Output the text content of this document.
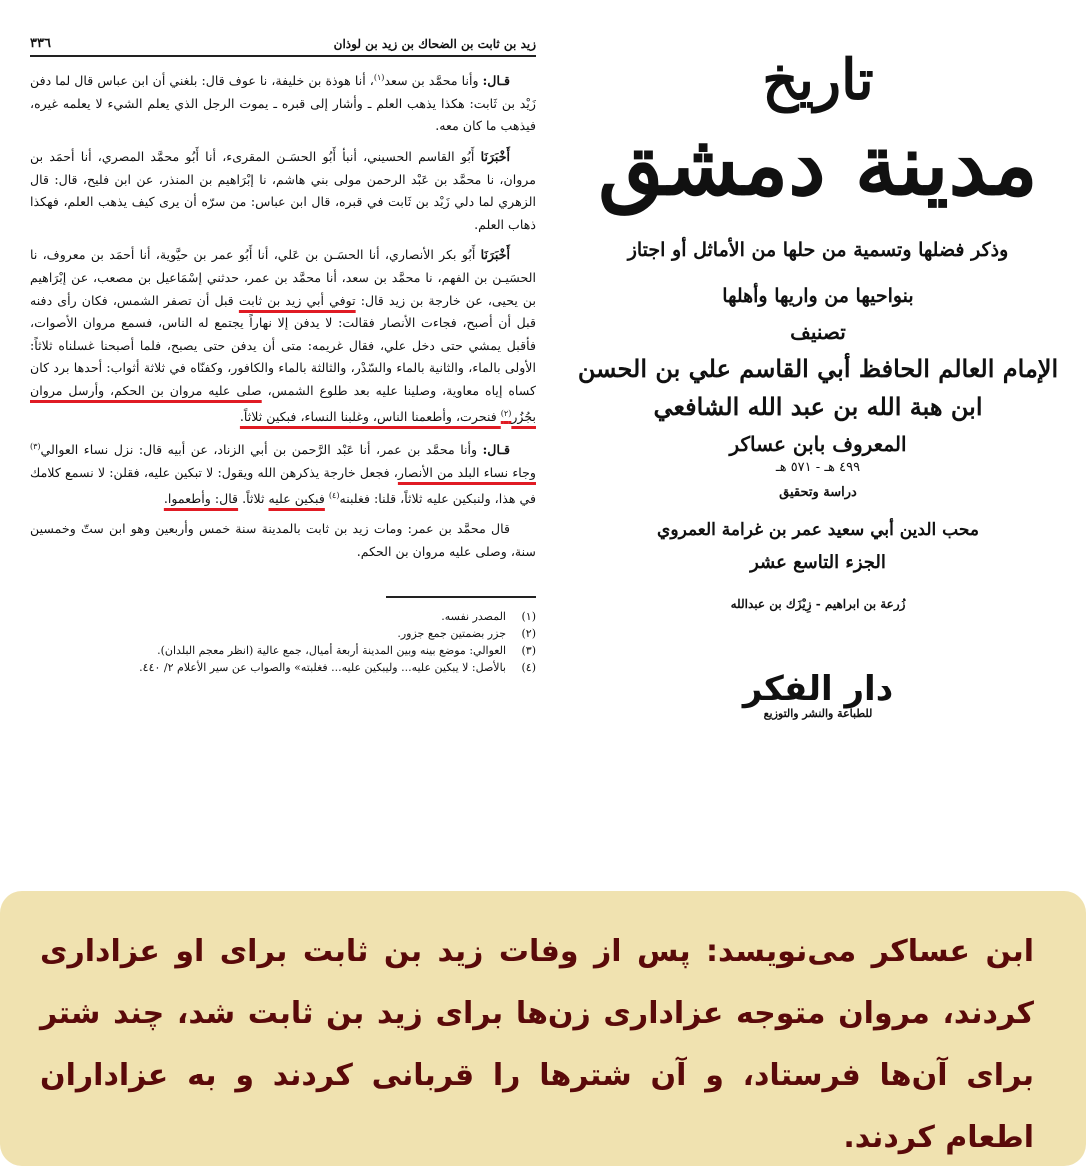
زيد بن ثابت بن الضحاك بن زيد بن لوذان
٣٣٦

قـال: وأنا محمَّد بن سعد$^{(١)}$، أنا هوذة بن خليفة، نا عوف قال: بلغني أن ابن عباس قال لما دفن زَيْد بن ثَابت: هكذا يذهب العلم ـ وأشار إلى قبره ـ يموت الرجل الذي يعلم الشيء لا يعلمه غيره، فيذهب ما كان معه.

أَخْبَرَنَا أَبُو القاسم الحسيني، أنبأ أَبُو الحسَـن المقرىء، أنا أَبُو محمَّد المصري، أنا أحمَد بن مروان، نا محمَّد بن عَبْد الرحمن مولى بني هاشم، نا إبْرَاهيم بن المنذر، عن ابن فليح، قال: قال الزهري لما دلي زَيْد بن ثَابت في قبره، قال ابن عباس: من سرّه أن يرى كيف يذهب العلم، فهكذا ذهاب العلم.

أَخْبَرَنَا أَبُو بكر الأنصاري، أنا الحسَـن بن عَلي، أنا أَبُو عمر بن حيَّوية، أنا أحمَد بن معروف، نا الحسَيـن بن الفهم، نا محمَّد بن سعد، أنا محمَّد بن عمر، حدثني إسْمَاعيل بن مصعب، عن إبْرَاهيم بن يحيى، عن خارجة بن زيد قال: توفي أبي زيد بن ثابت قبل أن تصفر الشمس، فكان رأى دفنه قبل أن أصبح، فجاءت الأنصار فقالت: لا يدفن إلا نهاراً يجتمع له الناس، فسمع مروان الأصوات، فأقبل يمشي حتى دخل علي، فقال غريمه: متى أن يدفن حتى يصبح، فلما أصبحنا غسلناه ثلاثاً: الأولى بالماء، والثانية بالماء والسّدْر، والثالثة بالماء والكافور، وكفنّاه في ثلاثة أثواب: أحدها برد كان كساه إياه معاوية، وصلينا عليه بعد طلوع الشمس، صلى عليه مروان بن الحكم، وأرسل مروان بجُزُر$^{(٢)}$ فنحرت، وأطعمنا الناس، وغلبنا النساء، فبكين ثلاثاً.

قـال: وأنا محمَّد بن عمر، أنا عَبْد الرَّحمن بن أبي الزناد، عن أبيه قال: نزل نساء العوالي$^{(٣)}$ وجاء نساء البلد من الأنصار، فجعل خارجة يذكرهن الله ويقول: لا تبكين عليه، فقلن: لا نسمع كلامك في هذا، ولنبكين عليه ثلاثاً، قلنا: فغلبنه$^{(٤)}$ فبكين عليه ثلاثاً. قال: وأطعموا.

قال محمَّد بن عمر: ومات زيد بن ثابت بالمدينة سنة خمس وأربعين وهو ابن ستّ وخمسين سنة، وصلى عليه مروان بن الحكم.

(١)
المصدر نفسه.
(٢)
جزر بضمتين جمع جزور.
(٣)
العوالي: موضع بينه وبين المدينة أربعة أميال، جمع عالية (انظر معجم البلدان).
(٤)
بالأصل: لا يبكين عليه... وليبكين عليه... فغلبته» والصواب عن سير الأعلام ٢/ ٤٤٠.
تاريخ
مدينة دمشق
وذكر فضلها وتسمية من حلها من الأماثل أو اجتاز
بنواحيها من واريها وأهلها
تصنيف
الإمام العالم الحافظ أبي القاسم علي بن الحسن
ابن هبة الله بن عبد الله الشافعي
المعروف بابن عساكر
٤٩٩ هـ - ٥٧١ هـ
دراسة وتحقيق
محب الدين أبي سعيد عمر بن غرامة العمروي
الجزء التاسع عشر
زُرعة بن ابراهيم - زِيْزَك بن عبدالله
دار الفكر
للطباعة والنشر والتوزيع

ابن عساکر می‌نویسد: پس از وفات زید بن ثابت برای او عزاداری کردند، مروان متوجه عزاداری زن‌ها برای زید بن ثابت شد، چند شتر برای آن‌ها فرستاد، و آن شترها را قربانی کردند و به عزاداران اطعام کردند.
